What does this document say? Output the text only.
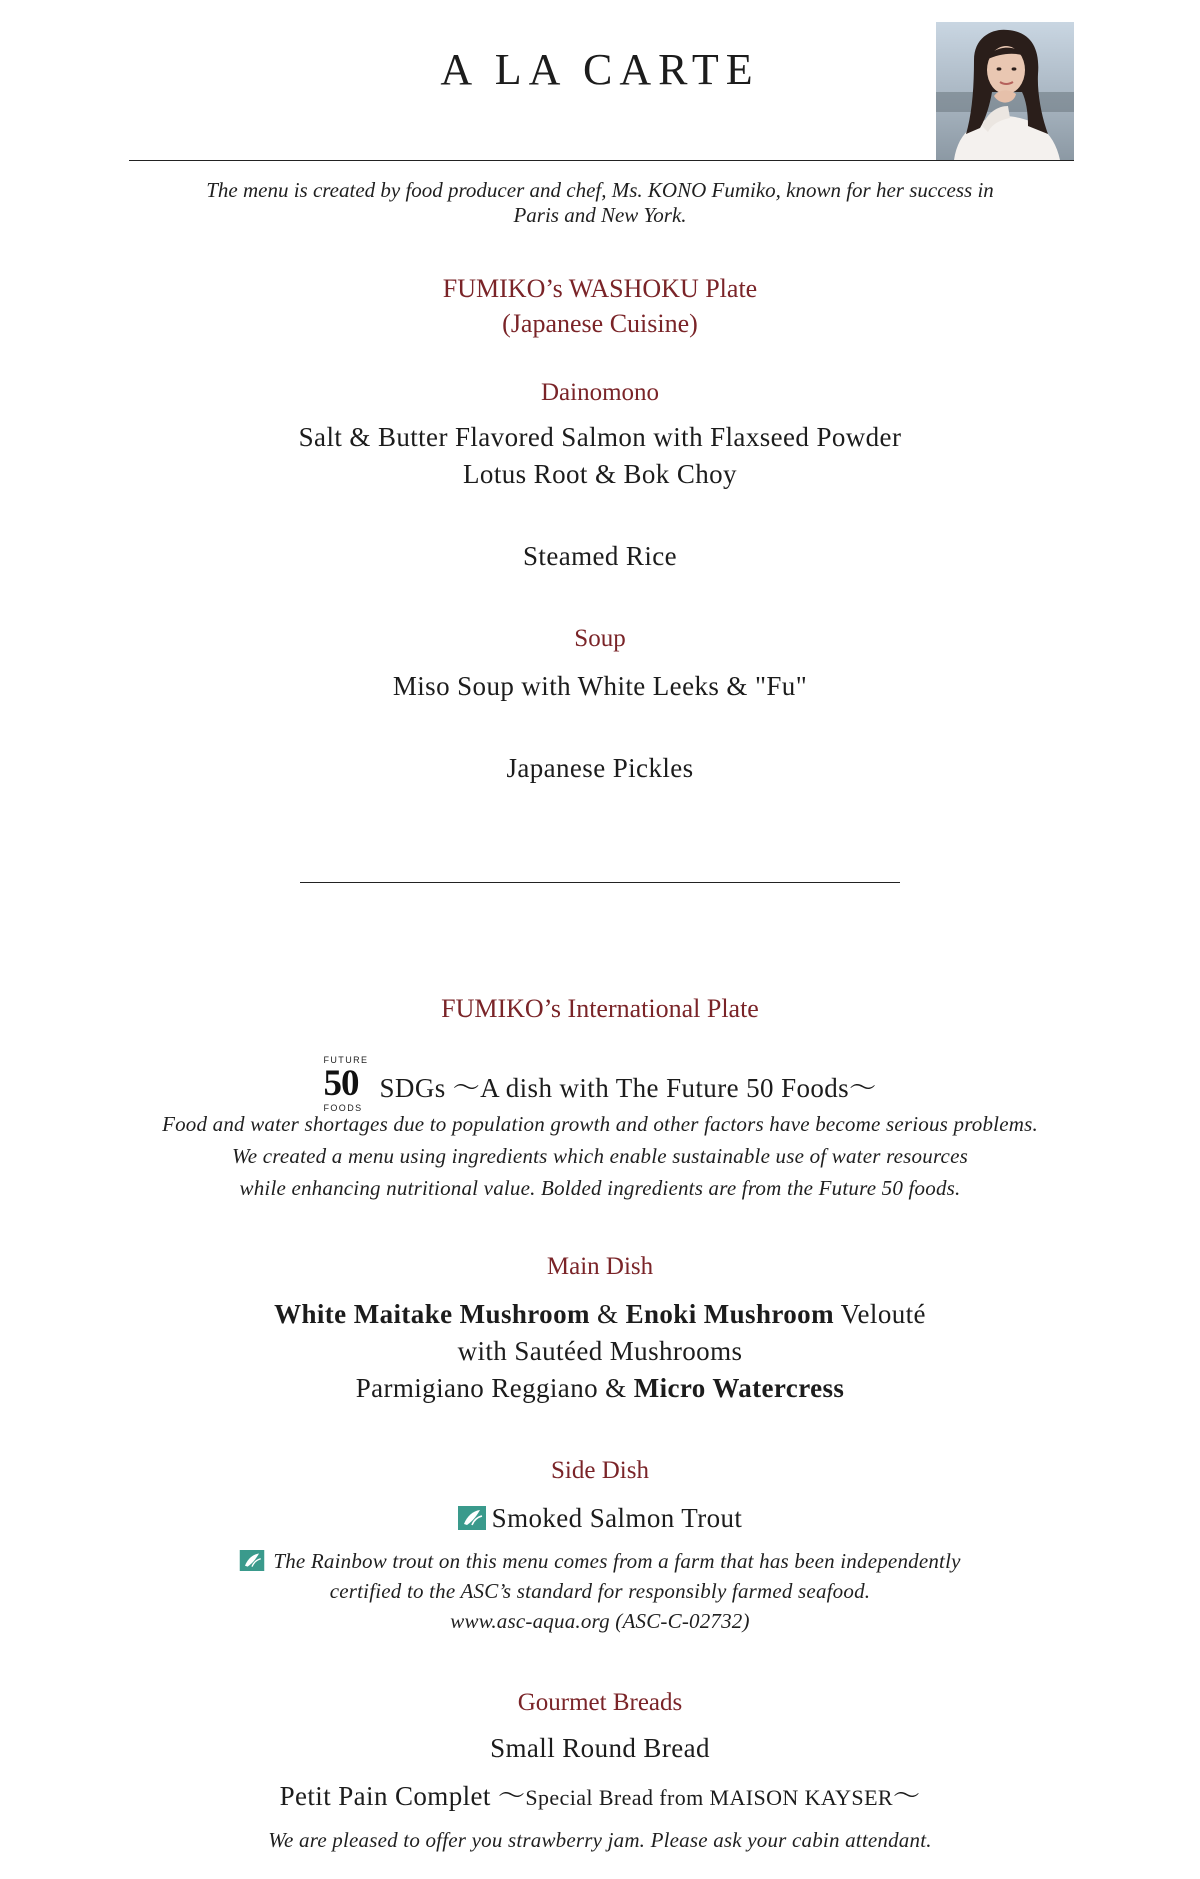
A LA CARTE
The menu is created by food producer and chef, Ms. KONO Fumiko, known for her success in
Paris and New York.
FUMIKO’s WASHOKU Plate
(Japanese Cuisine)
Dainomono
Salt & Butter Flavored Salmon with Flaxseed Powder
Lotus Root & Bok Choy
Steamed Rice
Soup
Miso Soup with White Leeks & "Fu"
Japanese Pickles
FUMIKO’s International Plate
FUTURE
50
FOODS
SDGs ～A dish with The Future 50 Foods～
Food and water shortages due to population growth and other factors have become serious problems.
We created a menu using ingredients which enable sustainable use of water resources
while enhancing nutritional value. Bolded ingredients are from the Future 50 foods.
Main Dish
White Maitake Mushroom & Enoki Mushroom Velouté
with Sautéed Mushrooms
Parmigiano Reggiano & Micro Watercress
Side Dish
Smoked Salmon Trout
The Rainbow trout on this menu comes from a farm that has been independently
certified to the ASC’s standard for responsibly farmed seafood.
www.asc-aqua.org (ASC-C-02732)
Gourmet Breads
Small Round Bread
Petit Pain Complet ～Special Bread from MAISON KAYSER～
We are pleased to offer you strawberry jam. Please ask your cabin attendant.
